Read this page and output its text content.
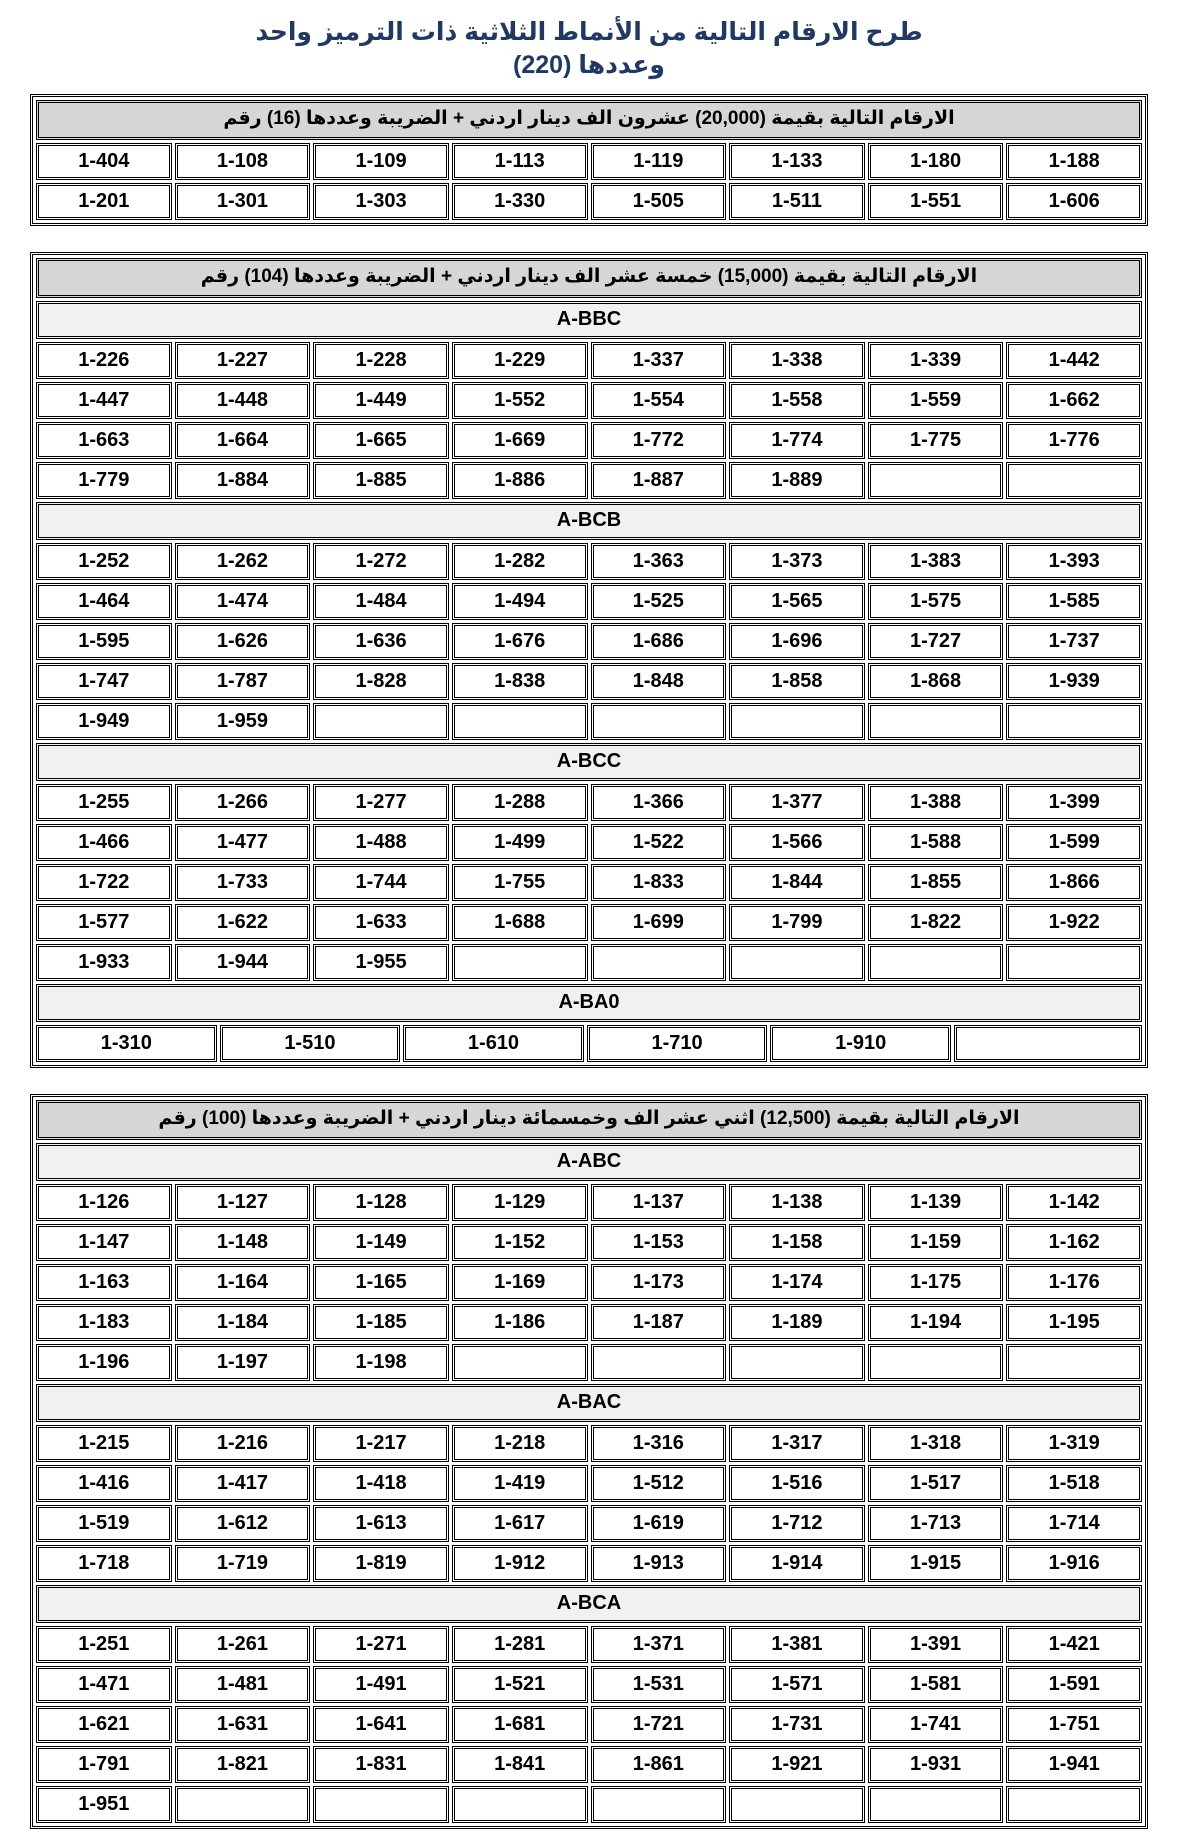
طرح الارقام التالية من الأنماط الثلاثية ذات الترميز واحد
وعددها (220)
الارقام التالية بقيمة (20,000) عشرون الف دينار اردني + الضريبة وعددها (16) رقم
1-404	1-108	1-109	1-113	1-119	1-133	1-180	1-188
1-201	1-301	1-303	1-330	1-505	1-511	1-551	1-606
الارقام التالية بقيمة (15,000) خمسة عشر الف دينار اردني + الضريبة وعددها (104) رقم
A-BBC
1-226	1-227	1-228	1-229	1-337	1-338	1-339	1-442
1-447	1-448	1-449	1-552	1-554	1-558	1-559	1-662
1-663	1-664	1-665	1-669	1-772	1-774	1-775	1-776
1-779	1-884	1-885	1-886	1-887	1-889
A-BCB
1-252	1-262	1-272	1-282	1-363	1-373	1-383	1-393
1-464	1-474	1-484	1-494	1-525	1-565	1-575	1-585
1-595	1-626	1-636	1-676	1-686	1-696	1-727	1-737
1-747	1-787	1-828	1-838	1-848	1-858	1-868	1-939
1-949	1-959
A-BCC
1-255	1-266	1-277	1-288	1-366	1-377	1-388	1-399
1-466	1-477	1-488	1-499	1-522	1-566	1-588	1-599
1-722	1-733	1-744	1-755	1-833	1-844	1-855	1-866
1-577	1-622	1-633	1-688	1-699	1-799	1-822	1-922
1-933	1-944	1-955
A-BA0
1-310	1-510	1-610	1-710	1-910
الارقام التالية بقيمة (12,500) اثني عشر الف وخمسمائة دينار اردني + الضريبة وعددها (100) رقم
A-ABC
1-126	1-127	1-128	1-129	1-137	1-138	1-139	1-142
1-147	1-148	1-149	1-152	1-153	1-158	1-159	1-162
1-163	1-164	1-165	1-169	1-173	1-174	1-175	1-176
1-183	1-184	1-185	1-186	1-187	1-189	1-194	1-195
1-196	1-197	1-198
A-BAC
1-215	1-216	1-217	1-218	1-316	1-317	1-318	1-319
1-416	1-417	1-418	1-419	1-512	1-516	1-517	1-518
1-519	1-612	1-613	1-617	1-619	1-712	1-713	1-714
1-718	1-719	1-819	1-912	1-913	1-914	1-915	1-916
A-BCA
1-251	1-261	1-271	1-281	1-371	1-381	1-391	1-421
1-471	1-481	1-491	1-521	1-531	1-571	1-581	1-591
1-621	1-631	1-641	1-681	1-721	1-731	1-741	1-751
1-791	1-821	1-831	1-841	1-861	1-921	1-931	1-941
1-951
